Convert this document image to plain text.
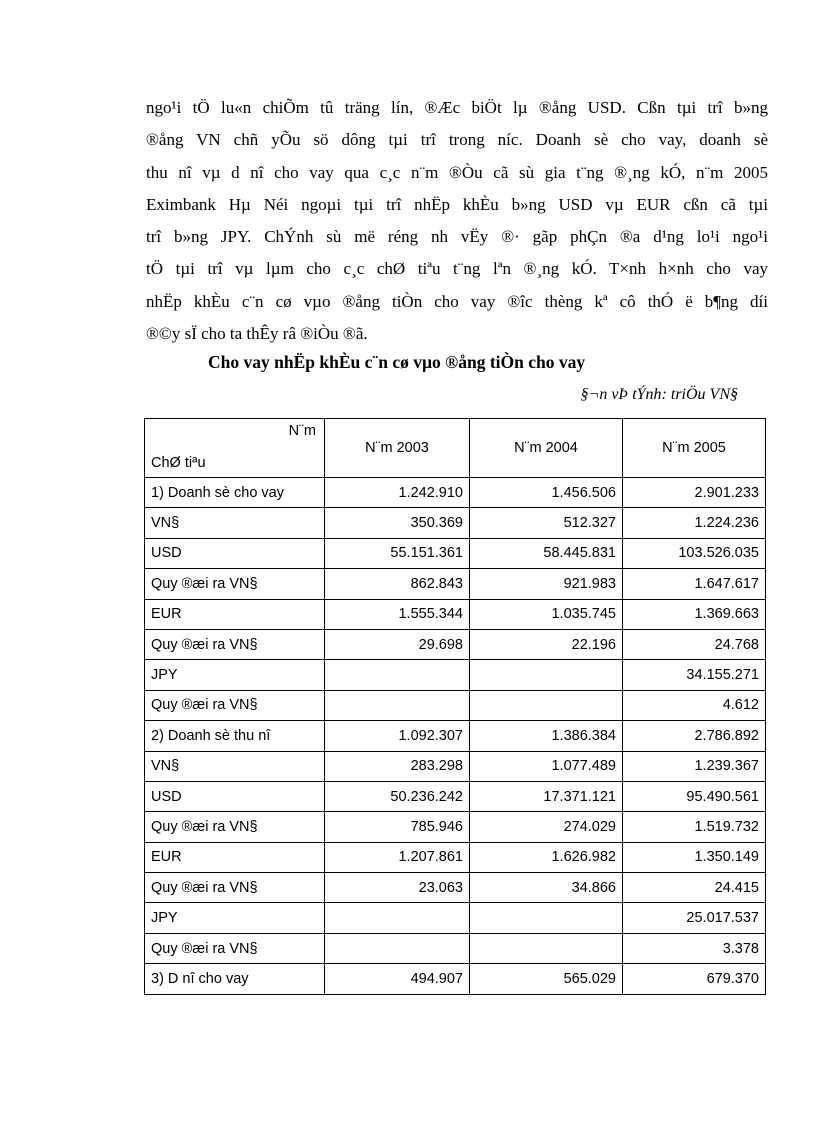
ngo¹i tÖ lu«n chiÕm tû träng lín, ®Æc biÖt lµ ®ång USD. Cßn tµi trî b»ng
®ång VN chñ yÕu sö dông tµi trî trong níc. Doanh sè cho vay, doanh sè
thu nî vµ d nî cho vay qua c¸c n¨m ®Òu cã sù gia t¨ng ®¸ng kÓ, n¨m 2005
Eximbank Hµ Néi ngoµi tµi trî nhËp khÈu b»ng USD vµ EUR cßn cã tµi
trî b»ng JPY. ChÝnh sù më réng nh vËy ®· gãp phÇn ®a d¹ng lo¹i ngo¹i
tÖ tµi trî vµ lµm cho c¸c chØ tiªu t¨ng lªn ®¸ng kÓ. T×nh h×nh cho vay
nhËp khÈu c¨n cø vµo ®ång tiÒn cho vay ®îc thèng kª cô thÓ ë b¶ng díi
®©y sÏ cho ta thÊy râ ®iÒu ®ã.
Cho vay nhËp khÈu c¨n cø vµo ®ång tiÒn cho vay
§¬n vÞ tÝnh: triÖu VN§
N¨m
ChØ tiªu	N¨m 2003	N¨m 2004	N¨m 2005
1) Doanh sè cho vay	1.242.910	1.456.506	2.901.233
VN§	350.369	512.327	1.224.236
USD	55.151.361	58.445.831	103.526.035
Quy ®æi ra VN§	862.843	921.983	1.647.617
EUR	1.555.344	1.035.745	1.369.663
Quy ®æi ra VN§	29.698	22.196	24.768
JPY			34.155.271
Quy ®æi ra VN§			4.612
2) Doanh sè thu nî	1.092.307	1.386.384	2.786.892
VN§	283.298	1.077.489	1.239.367
USD	50.236.242	17.371.121	95.490.561
Quy ®æi ra VN§	785.946	274.029	1.519.732
EUR	1.207.861	1.626.982	1.350.149
Quy ®æi ra VN§	23.063	34.866	24.415
JPY			25.017.537
Quy ®æi ra VN§			3.378
3) D nî cho vay	494.907	565.029	679.370
